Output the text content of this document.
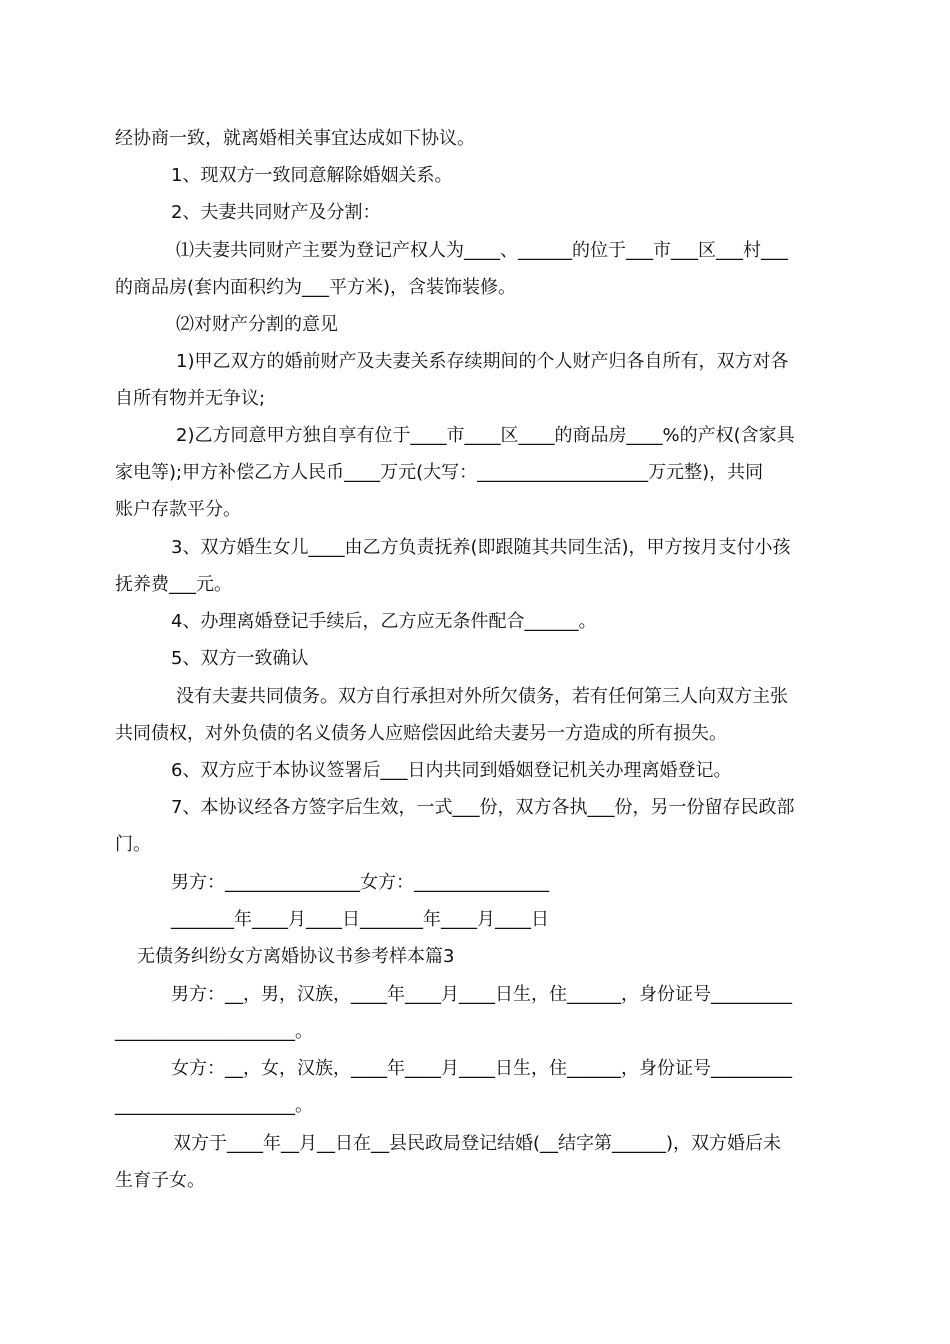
经协商一致，就离婚相关事宜达成如下协议。
1、现双方一致同意解除婚姻关系。
2、夫妻共同财产及分割：
⑴夫妻共同财产主要为登记产权人为____、______的位于___市___区___村___
的商品房(套内面积约为___平方米)，含装饰装修。
⑵对财产分割的意见
1)甲乙双方的婚前财产及夫妻关系存续期间的个人财产归各自所有，双方对各
自所有物并无争议;
2)乙方同意甲方独自享有位于____市____区____的商品房____%的产权(含家具
家电等);甲方补偿乙方人民币____万元(大写：___________________万元整)，共同
账户存款平分。
3、双方婚生女儿____由乙方负责抚养(即跟随其共同生活)，甲方按月支付小孩
抚养费___元。
4、办理离婚登记手续后，乙方应无条件配合______。
5、双方一致确认
没有夫妻共同债务。双方自行承担对外所欠债务，若有任何第三人向双方主张
共同债权，对外负债的名义债务人应赔偿因此给夫妻另一方造成的所有损失。
6、双方应于本协议签署后___日内共同到婚姻登记机关办理离婚登记。
7、本协议经各方签字后生效，一式___份，双方各执___份，另一份留存民政部
门。
男方：_______________女方：_______________
_______年____月____日_______年____月____日
无债务纠纷女方离婚协议书参考样本篇3
男方：__，男，汉族，____年____月____日生，住______，身份证号_________
____________________。
女方：__，女，汉族，____年____月____日生，住______，身份证号_________
____________________。
双方于____年__月__日在__县民政局登记结婚(__结字第______)，双方婚后未
生育子女。
